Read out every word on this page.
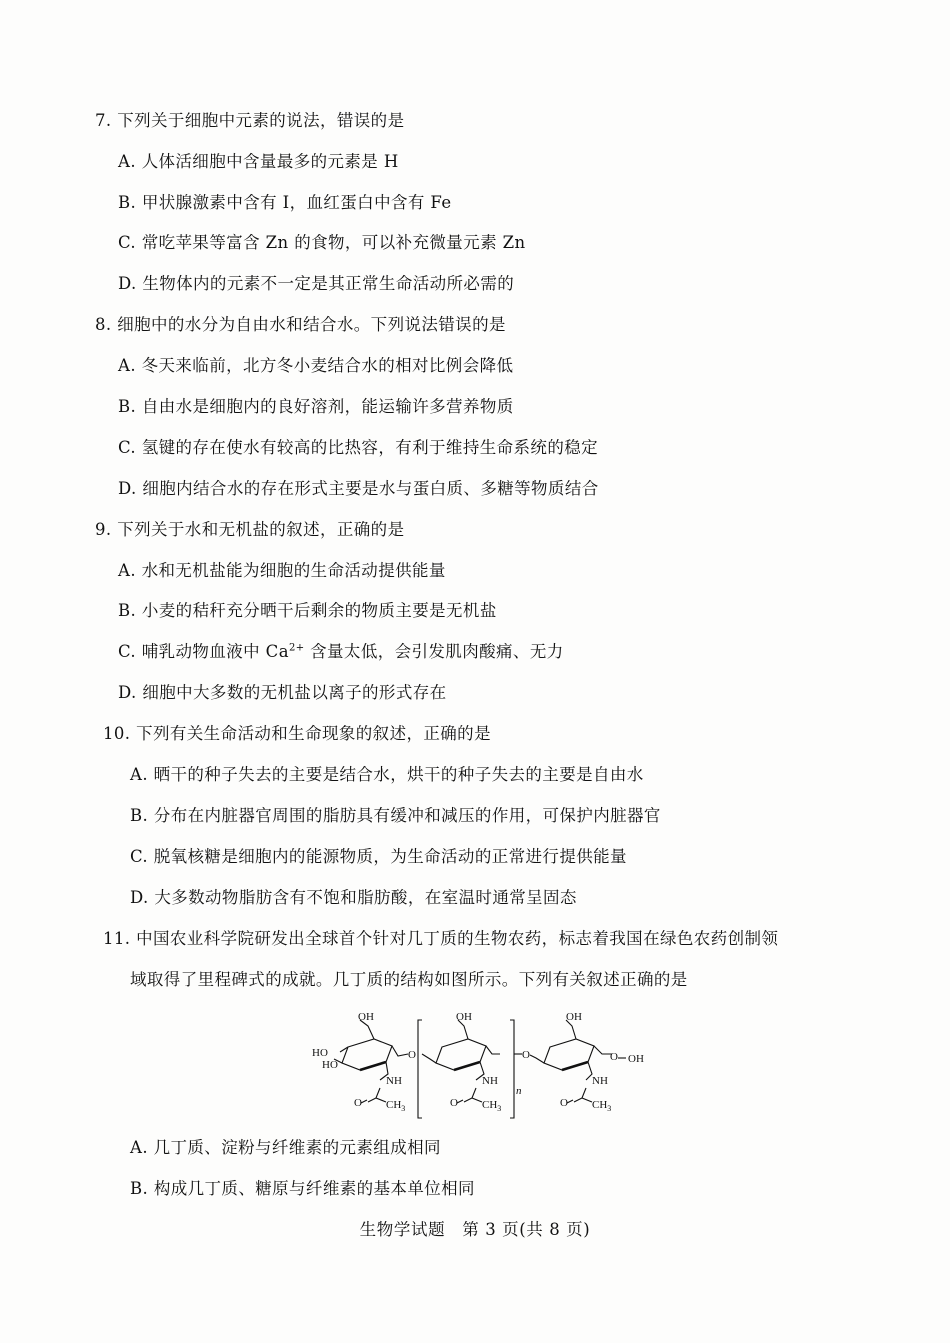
7. 下列关于细胞中元素的说法，错误的是
A. 人体活细胞中含量最多的元素是 H
B. 甲状腺激素中含有 I，血红蛋白中含有 Fe
C. 常吃苹果等富含 Zn 的食物，可以补充微量元素 Zn
D. 生物体内的元素不一定是其正常生命活动所必需的
8. 细胞中的水分为自由水和结合水。下列说法错误的是
A. 冬天来临前，北方冬小麦结合水的相对比例会降低
B. 自由水是细胞内的良好溶剂，能运输许多营养物质
C. 氢键的存在使水有较高的比热容，有利于维持生命系统的稳定
D. 细胞内结合水的存在形式主要是水与蛋白质、多糖等物质结合
9. 下列关于水和无机盐的叙述，正确的是
A. 水和无机盐能为细胞的生命活动提供能量
B. 小麦的秸秆充分晒干后剩余的物质主要是无机盐
C. 哺乳动物血液中 $Ca^{2+}$ 含量太低，会引发肌肉酸痛、无力
D. 细胞中大多数的无机盐以离子的形式存在
10. 下列有关生命活动和生命现象的叙述，正确的是
A. 晒干的种子失去的主要是结合水，烘干的种子失去的主要是自由水
B. 分布在内脏器官周围的脂肪具有缓冲和减压的作用，可保护内脏器官
C. 脱氧核糖是细胞内的能源物质，为生命活动的正常进行提供能量
D. 大多数动物脂肪含有不饱和脂肪酸，在室温时通常呈固态
11. 中国农业科学院研发出全球首个针对几丁质的生物农药，标志着我国在绿色农药创制领
域取得了里程碑式的成就。几丁质的结构如图所示。下列有关叙述正确的是
OH
HO
HO
NH
O $CH_3$
O
OH
NH
O $CH_3$
n
O
OH
O OH
NH
O $CH_3$
A. 几丁质、淀粉与纤维素的元素组成相同
B. 构成几丁质、糖原与纤维素的基本单位相同
生物学试题　第 3 页(共 8 页)
